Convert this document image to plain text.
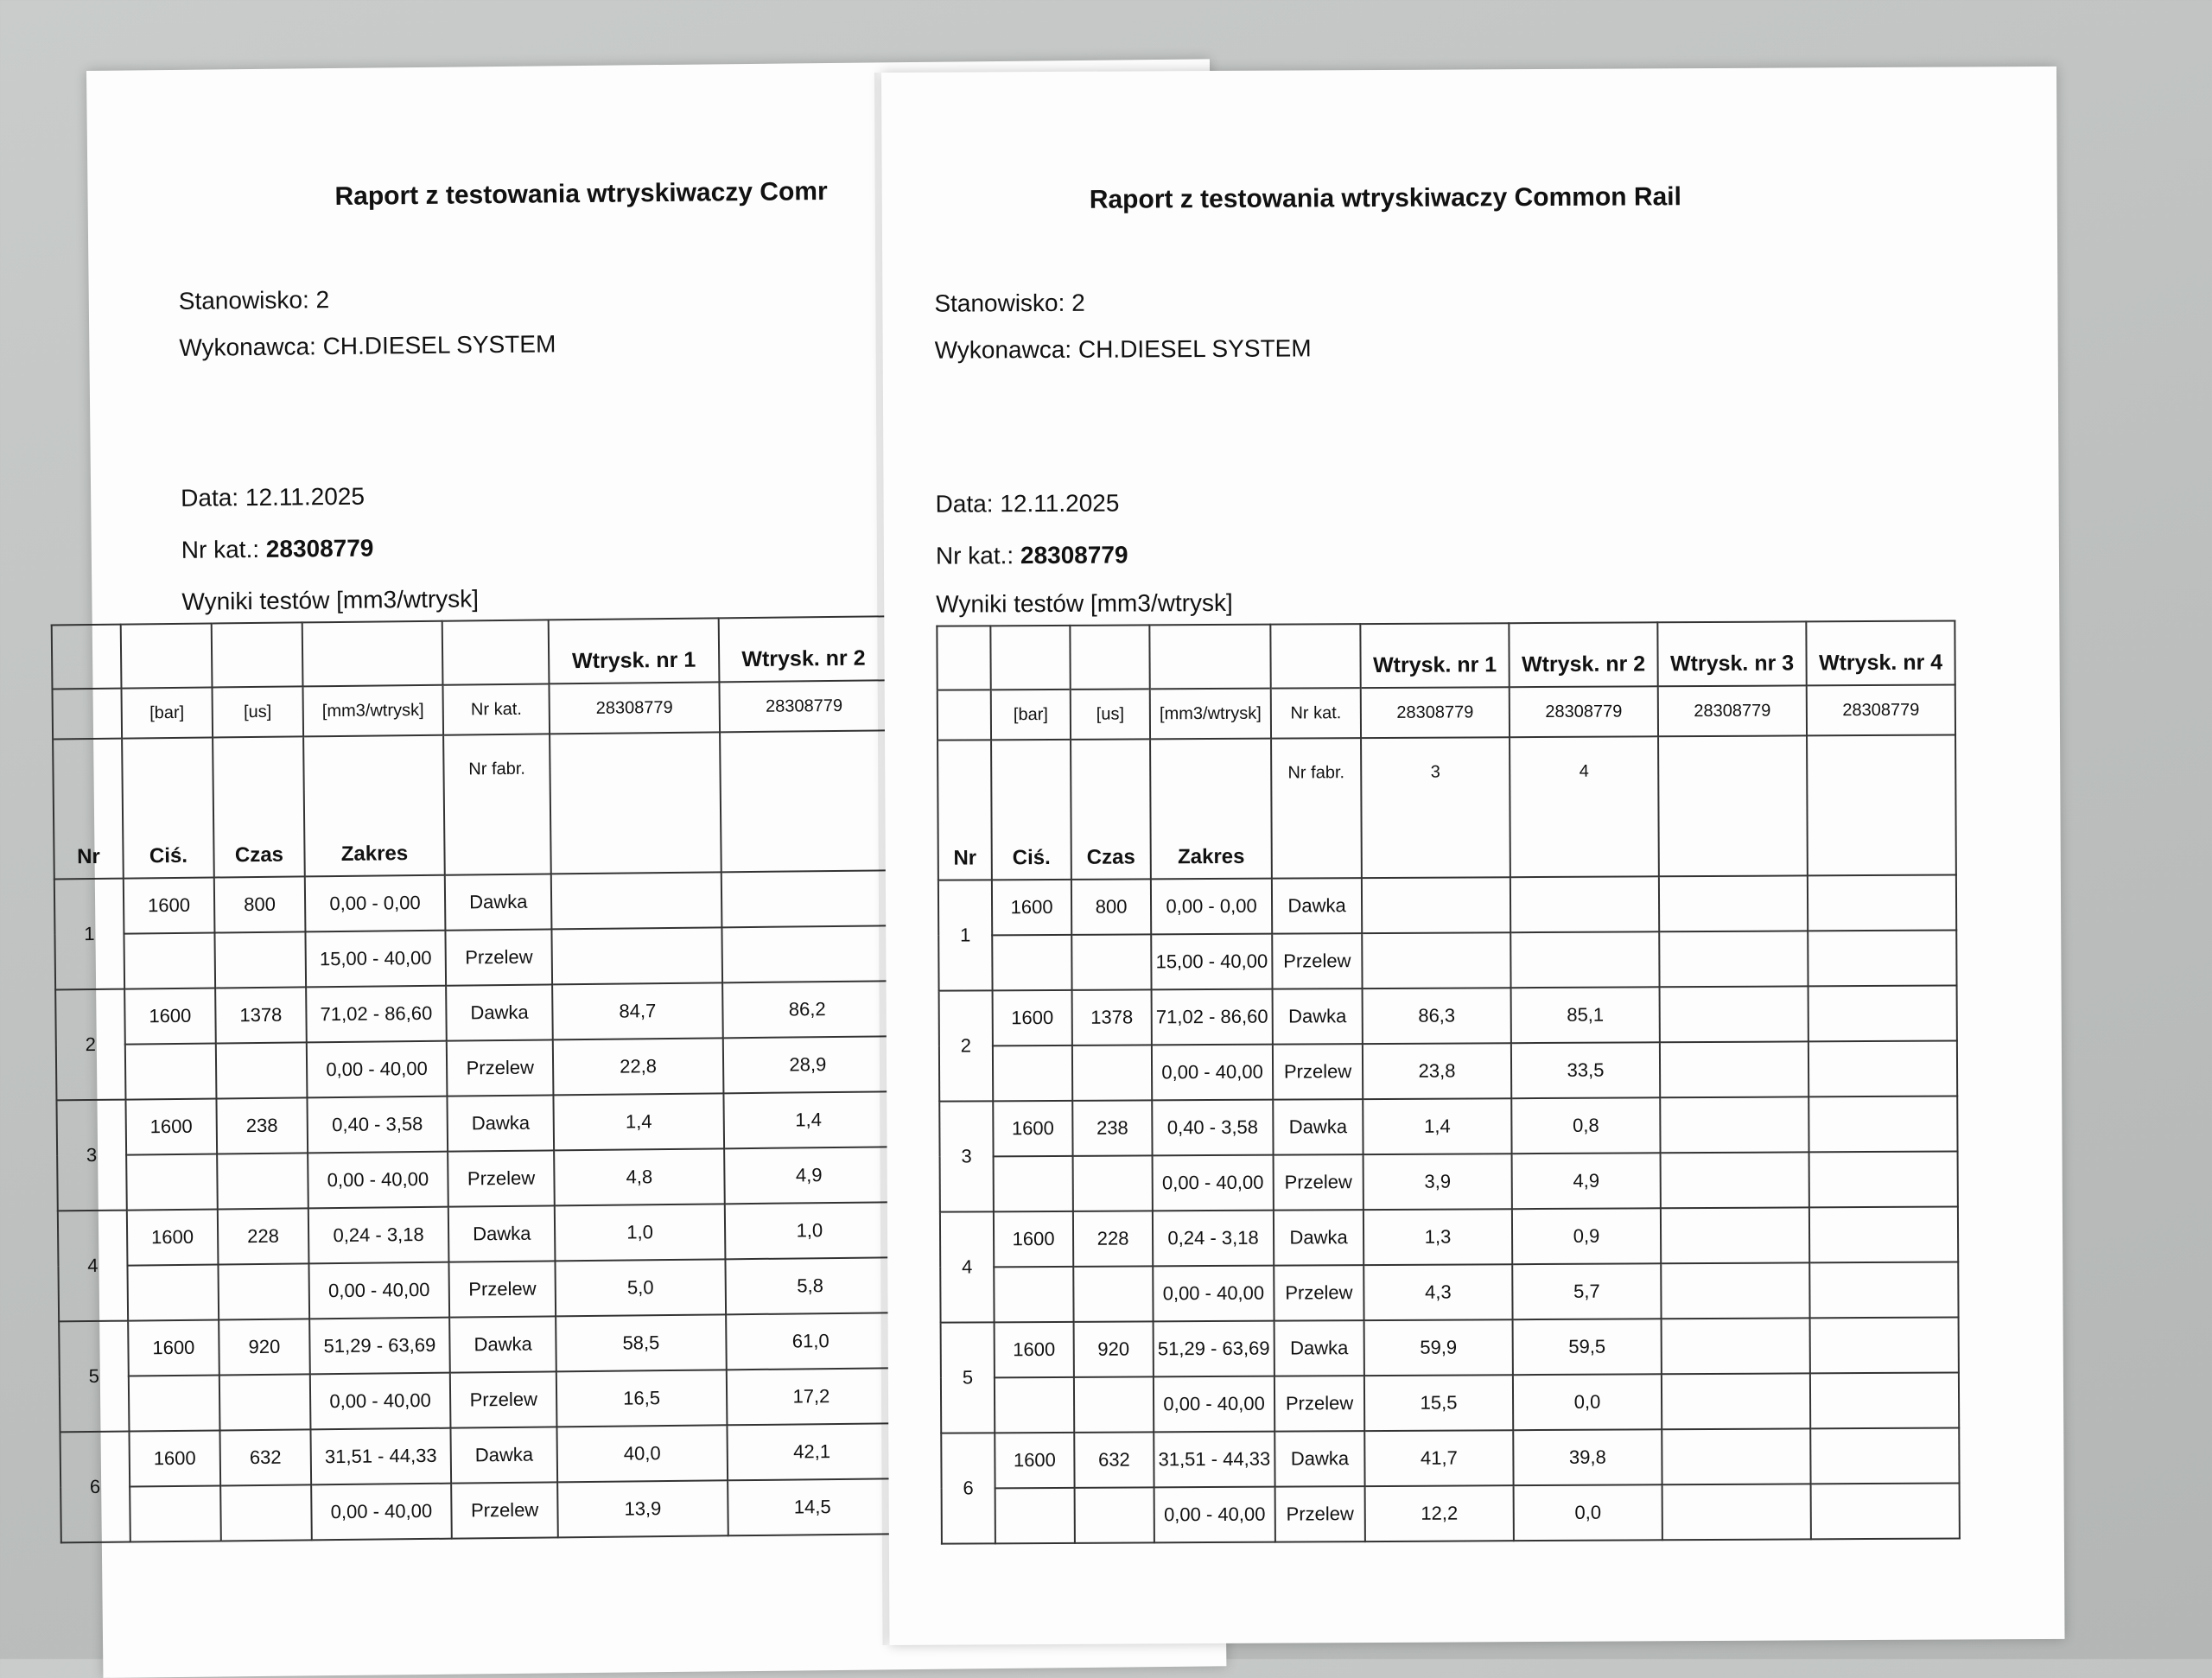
Raport z testowania wtryskiwaczy Comr
Stanowisko: 2
Wykonawca: CH.DIESEL SYSTEM
Data: 12.11.2025
Nr kat.: 28308779
Wyniki testów [mm3/wtrysk]
					Wtrysk. nr 1	Wtrysk. nr 2
	[bar]	[us]	[mm3/wtrysk]	Nr kat.	28308779	28308779
Nr	Ciś.	Czas	Zakres	Nr fabr.		
1	1600	800	0,00 - 0,00	Dawka		
			15,00 - 40,00	Przelew		
2	1600	1378	71,02 - 86,60	Dawka	84,7	86,2
			0,00 - 40,00	Przelew	22,8	28,9
3	1600	238	0,40 - 3,58	Dawka	1,4	1,4
			0,00 - 40,00	Przelew	4,8	4,9
4	1600	228	0,24 - 3,18	Dawka	1,0	1,0
			0,00 - 40,00	Przelew	5,0	5,8
5	1600	920	51,29 - 63,69	Dawka	58,5	61,0
			0,00 - 40,00	Przelew	16,5	17,2
6	1600	632	31,51 - 44,33	Dawka	40,0	42,1
			0,00 - 40,00	Przelew	13,9	14,5
Raport z testowania wtryskiwaczy Common Rail
Stanowisko: 2
Wykonawca: CH.DIESEL SYSTEM
Data: 12.11.2025
Nr kat.: 28308779
Wyniki testów [mm3/wtrysk]
					Wtrysk. nr 1	Wtrysk. nr 2	Wtrysk. nr 3	Wtrysk. nr 4
	[bar]	[us]	[mm3/wtrysk]	Nr kat.	28308779	28308779	28308779	28308779
Nr	Ciś.	Czas	Zakres	Nr fabr.	3	4		
1	1600	800	0,00 - 0,00	Dawka				
			15,00 - 40,00	Przelew				
2	1600	1378	71,02 - 86,60	Dawka	86,3	85,1		
			0,00 - 40,00	Przelew	23,8	33,5		
3	1600	238	0,40 - 3,58	Dawka	1,4	0,8		
			0,00 - 40,00	Przelew	3,9	4,9		
4	1600	228	0,24 - 3,18	Dawka	1,3	0,9		
			0,00 - 40,00	Przelew	4,3	5,7		
5	1600	920	51,29 - 63,69	Dawka	59,9	59,5		
			0,00 - 40,00	Przelew	15,5	0,0		
6	1600	632	31,51 - 44,33	Dawka	41,7	39,8		
			0,00 - 40,00	Przelew	12,2	0,0		
